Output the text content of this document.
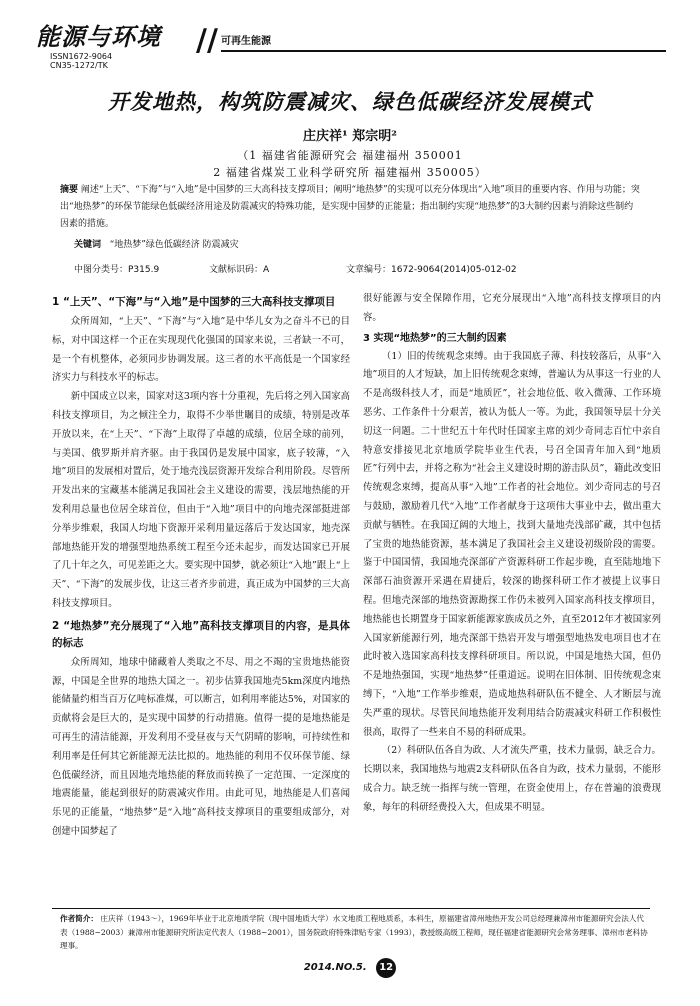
能源与环境
ISSN1672-9064
CN35-1272/TK
// 可再生能源
开发地热，构筑防震减灾、绿色低碳经济发展模式
庄庆祥¹ 郑宗明²
（1 福建省能源研究会 福建福州 350001
2 福建省煤炭工业科学研究所 福建福州 350005）
摘要 阐述“上天”、“下海”与“入地”是中国梦的三大高科技支撑项目；阐明“地热梦”的实现可以充分体现出“入地”项目的重要内容、作用与功能；突出“地热梦”的环保节能绿色低碳经济用途及防震减灾的特殊功能，是实现中国梦的正能量；指出制约实现“地热梦”的3大制约因素与消除这些制约因素的措施。
关键词 “地热梦”绿色低碳经济 防震减灾
中图分类号：P315.9	文献标识码：A	文章编号：1672-9064(2014)05-012-02
1 “上天”、“下海”与“入地”是中国梦的三大高科技支撑项目

众所周知，“上天”、“下海”与“入地”是中华儿女为之奋斗不已的目标，对中国这样一个正在实现现代化强国的国家来说，三者缺一不可，是一个有机整体，必须同步协调发展。这三者的水平高低是一个国家经济实力与科技水平的标志。

新中国成立以来，国家对这3项内容十分重视，先后将之列入国家高科技支撑项目，为之倾注全力，取得不少举世瞩目的成绩，特别是改革开放以来，在“上天”、“下海”上取得了卓越的成绩，位居全球的前列，与美国、俄罗斯并肩齐驱。由于我国仍是发展中国家，底子较薄，“入地”项目的发展相对置后，处于地壳浅层资源开发综合利用阶段。尽管所开发出来的宝藏基本能满足我国社会主义建设的需要，浅层地热能的开发利用总量也位居全球首位，但由于“入地”项目中的向地壳深部挺进部分举步维艰，我国人均地下资源开采利用量远落后于发达国家，地壳深部地热能开发的增强型地热系统工程至今还未起步，而发达国家已开展了几十年之久，可见差距之大。要实现中国梦，就必须让“入地”跟上“上天”、“下海”的发展步伐，让这三者齐步前进，真正成为中国梦的三大高科技支撑项目。

2 “地热梦”充分展现了“入地”高科技支撑项目的内容，是具体的标志

众所周知，地球中储藏着人类取之不尽、用之不竭的宝贵地热能资源，中国是全世界的地热大国之一。初步估算我国地壳5km深度内地热能储量约相当百万亿吨标准煤，可以断言，如利用率能达5%，对国家的贡献将会是巨大的，是实现中国梦的行动措施。值得一提的是地热能是可再生的清洁能源，开发利用不受昼夜与天气阴晴的影响，可持续性和利用率是任何其它新能源无法比拟的。地热能的利用不仅环保节能、绿色低碳经济，而且因地壳地热能的释放而转换了一定范围、一定深度的地震能量，能起到很好的防震减灾作用。由此可见，地热能是人们喜闻乐见的正能量，“地热梦”是“入地”高科技支撑项目的重要组成部分，对创建中国梦起了

很好能源与安全保障作用，它充分展现出“入地”高科技支撑项目的内容。

3 实现“地热梦”的三大制约因素

（1）旧的传统观念束缚。由于我国底子薄、科技较落后，从事“入地”项目的人才短缺，加上旧传统观念束缚，普遍认为从事这一行业的人不是高级科技人才，而是“地质匠”，社会地位低、收入微薄、工作环境恶劣、工作条件十分艰苦，被认为低人一等。为此，我国领导层十分关切这一问题。二十世纪五十年代时任国家主席的刘少奇同志百忙中亲自特意安排接见北京地质学院毕业生代表，号召全国青年加入到“地质匠”行列中去，并将之称为“社会主义建设时期的游击队员”，籍此改变旧传统观念束缚，提高从事“入地”工作者的社会地位。刘少奇同志的号召与鼓励，激励着几代“入地”工作者献身于这项伟大事业中去，做出重大贡献与牺牲。在我国辽阔的大地上，找到大量地壳浅部矿藏，其中包括了宝贵的地热能资源，基本满足了我国社会主义建设初级阶段的需要。鉴于中国国情，我国地壳深部矿产资源科研工作起步晚，直至陆地地下深部石油资源开采遇在眉捷后，较深的勘探科研工作才被提上议事日程。但地壳深部的地热资源勘探工作仍未被列入国家高科技支撑项目，地热能也长期置身于国家新能源家族成员之外，直至2012年才被国家列入国家新能源行列，地壳深部干热岩开发与增强型地热发电项目也才在此时被入选国家高科技支撑科研项目。所以说，中国是地热大国，但仍不是地热强国，实现“地热梦”任重道远。说明在旧体制、旧传统观念束缚下，“入地”工作举步维艰，造成地热科研队伍不健全、人才断层与流失严重的现状。尽管民间地热能开发利用结合防震减灾科研工作积极性很高，取得了一些来自不易的科研成果。

（2）科研队伍各自为政、人才流失严重，技术力量弱，缺乏合力。长期以来，我国地热与地震2支科研队伍各自为政，技术力量弱，不能形成合力。缺乏统一指挥与统一管理，在资金使用上，存在普遍的浪费现象，每年的科研经费投入大，但成果不明显。

作者简介： 庄庆祥（1943～），1969年毕业于北京地质学院（现中国地质大学）水文地质工程地质系，本科生，原福建省漳州地热开发公司总经理兼漳州市能源研究会法人代表（1988~2003）兼漳州市能源研究所法定代表人（1988~2001），国务院政府特殊津贴专家（1993），教授级高级工程师，现任福建省能源研究会常务理事、漳州市老科协理事。
2014.NO.5. 12
